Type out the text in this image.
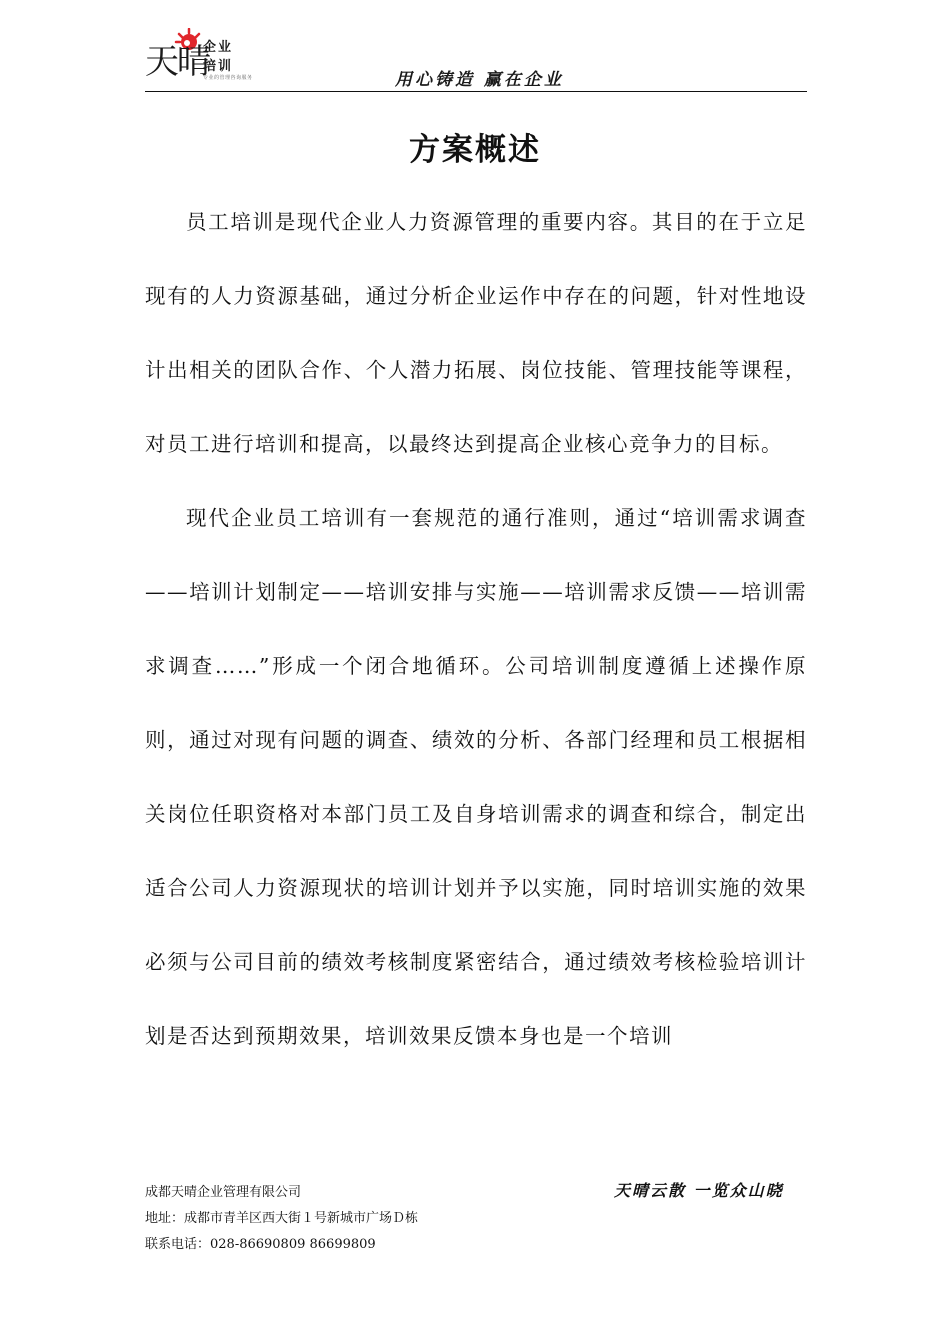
天晴
企业
培训
专业的管理咨询服务	用心铸造 赢在企业
方案概述

员工培训是现代企业人力资源管理的重要内容。其目的在于立足现有的人力资源基础，通过分析企业运作中存在的问题，针对性地设计出相关的团队合作、个人潜力拓展、岗位技能、管理技能等课程，对员工进行培训和提高，以最终达到提高企业核心竞争力的目标。

现代企业员工培训有一套规范的通行准则，通过“培训需求调查——培训计划制定——培训安排与实施——培训需求反馈——培训需求调查……”形成一个闭合地循环。公司培训制度遵循上述操作原则，通过对现有问题的调查、绩效的分析、各部门经理和员工根据相关岗位任职资格对本部门员工及自身培训需求的调查和综合，制定出适合公司人力资源现状的培训计划并予以实施，同时培训实施的效果必须与公司目前的绩效考核制度紧密结合，通过绩效考核检验培训计划是否达到预期效果，培训效果反馈本身也是一个培训

成都天晴企业管理有限公司
地址：成都市青羊区西大街１号新城市广场Ｄ栋
联系电话：028-86690809 86699809
天晴云散 一览众山晓
